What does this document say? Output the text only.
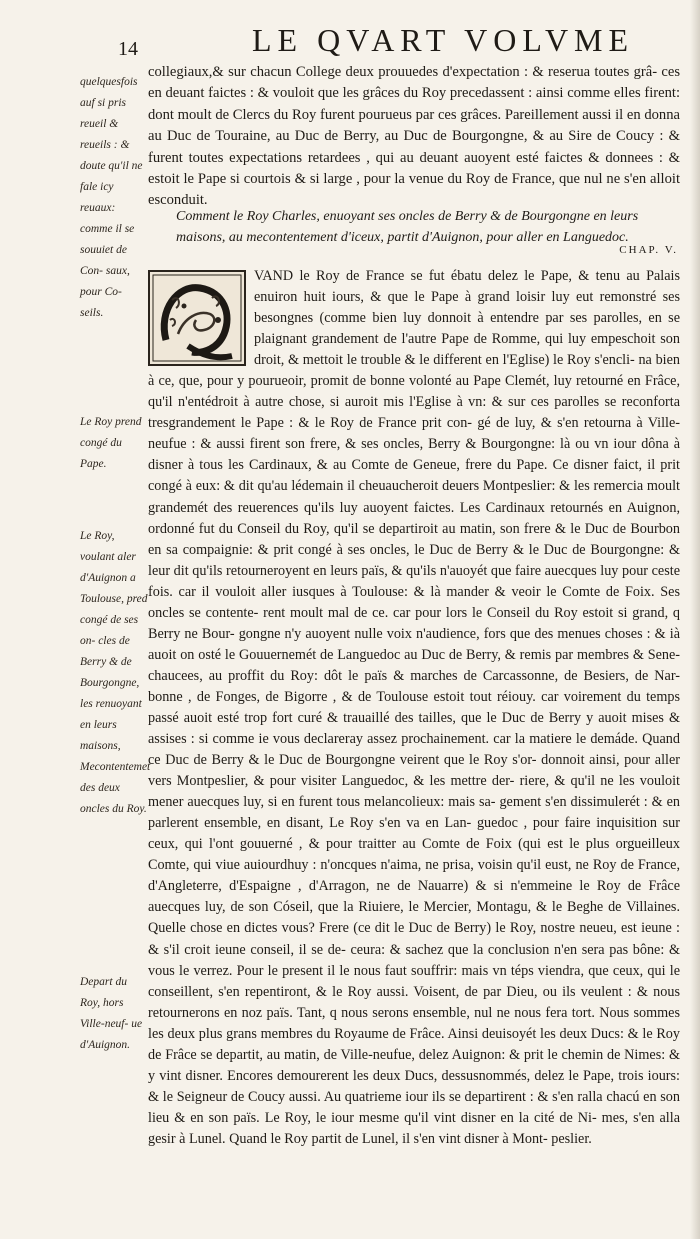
14	LE QVART VOLVME
quelquesfois auf si pris reueil & reueils : & doute qu'il ne fale icy reuaux: comme il se souuiet de Con- saux, pour Co- seils.
Le Roy prend congé du Pape.
Le Roy, voulant aler d'Auignon a Toulouse, pred congé de ses on- cles de Berry & de Bourgongne, les renuoyant en leurs maisons,
Mecontentemet des deux oncles du Roy.
Depart du Roy, hors Ville-neuf- ue d'Auignon.

collegiaux,& sur chacun College deux prouuedes d'expectation : & reserua toutes grâ- ces en deuant faictes : & vouloit que les grâces du Roy precedassent : ainsi comme elles firent: dont moult de Clercs du Roy furent pourueus par ces grâces. Pareillement aussi il en donna au Duc de Touraine, au Duc de Berry, au Duc de Bourgongne, & au Sire de Coucy : & furent toutes expectations retardees , qui au deuant auoyent esté faictes & donnees : & estoit le Pape si courtois & si large , pour la venue du Roy de France, que nul ne s'en alloit esconduit.

Comment le Roy Charles, enuoyant ses oncles de Berry & de Bourgongne en leurs maisons, au mecontentement d'iceux, partit d'Auignon, pour aller en Languedoc.
CHAP. V.
VAND le Roy de France se fut ébatu delez le Pape, & tenu au Palais enuiron huit iours, & que le Pape à grand loisir luy eut remonstré ses besongnes (comme bien luy donnoit à entendre par ses parolles, en se plaignant grandement de l'autre Pape de Romme, qui luy empeschoit son droit, & mettoit le trouble & le different en l'Eglise) le Roy s'encli- na bien à ce, que, pour y pourueoir, promit de bonne volonté au Pape Clemét, luy retourné en Frâce, qu'il n'entédroit à autre chose, si auroit mis l'Eglise à vn: & sur ces parolles se reconforta tresgrandement le Pape : & le Roy de France prit con- gé de luy, & s'en retourna à Ville-neufue : & aussi firent son frere, & ses oncles, Berry & Bourgongne: là ou vn iour dôna à disner à tous les Cardinaux, & au Comte de Geneue, frere du Pape. Ce disner faict, il prit congé à eux: & dit qu'au lédemain il cheuaucheroit deuers Montpeslier: & les remercia moult grandemét des reuerences qu'ils luy auoyent faictes. Les Cardinaux retournés en Auignon, ordonné fut du Conseil du Roy, qu'il se departiroit au matin, son frere & le Duc de Bourbon en sa compaignie: & prit congé à ses oncles, le Duc de Berry & le Duc de Bourgongne: & leur dit qu'ils retourneroyent en leurs païs, & qu'ils n'auoyét que faire auecques luy pour ceste fois. car il vouloit aller iusques à Toulouse: & là mander & veoir le Comte de Foix. Ses oncles se contente- rent moult mal de ce. car pour lors le Conseil du Roy estoit si grand, q Berry ne Bour- gongne n'y auoyent nulle voix n'audience, fors que des menues choses : & ià auoit on osté le Gouuernemét de Languedoc au Duc de Berry, & remis par membres & Sene- chaucees, au proffit du Roy: dôt le païs & marches de Carcassonne, de Besiers, de Nar- bonne , de Fonges, de Bigorre , & de Toulouse estoit tout réiouy. car voirement du temps passé auoit esté trop fort curé & trauaillé des tailles, que le Duc de Berry y auoit mises & assises : si comme ie vous declareray assez prochainement. car la matiere le demáde. Quand ce Duc de Berry & le Duc de Bourgongne veirent que le Roy s'or- donnoit ainsi, pour aller vers Montpeslier, & pour visiter Languedoc, & les mettre der- riere, & qu'il ne les vouloit mener auecques luy, si en furent tous melancolieux: mais sa- gement s'en dissimulerét : & en parlerent ensemble, en disant, Le Roy s'en va en Lan- guedoc , pour faire inquisition sur ceux, qui l'ont gouuerné , & pour traitter au Comte de Foix (qui est le plus orgueilleux Comte, qui viue auiourdhuy : n'oncques n'aima, ne prisa, voisin qu'il eust, ne Roy de France, d'Angleterre, d'Espaigne , d'Arragon, ne de Nauarre) & si n'emmeine le Roy de Frâce auecques luy, de son Cóseil, que la Riuiere, le Mercier, Montagu, & le Beghe de Villaines. Quelle chose en dictes vous? Frere (ce dit le Duc de Berry) le Roy, nostre neueu, est ieune : & s'il croit ieune conseil, il se de- ceura: & sachez que la conclusion n'en sera pas bône: & vous le verrez. Pour le present il le nous faut souffrir: mais vn téps viendra, que ceux, qui le conseillent, s'en repentiront, & le Roy aussi. Voisent, de par Dieu, ou ils veulent : & nous retournerons en noz païs. Tant, q nous serons ensemble, nul ne nous fera tort. Nous sommes les deux plus grans membres du Royaume de Frâce. Ainsi deuisoyét les deux Ducs: & le Roy de Frâce se departit, au matin, de Ville-neufue, delez Auignon: & prit le chemin de Nimes: & y vint disner. Encores demourerent les deux Ducs, dessusnommés, delez le Pape, trois iours: & le Seigneur de Coucy aussi. Au quatrieme iour ils se departirent : & s'en ralla chacú en son lieu & en son païs. Le Roy, le iour mesme qu'il vint disner en la cité de Ni- mes, s'en alla gesir à Lunel. Quand le Roy partit de Lunel, il s'en vint disner à Mont- peslier.
